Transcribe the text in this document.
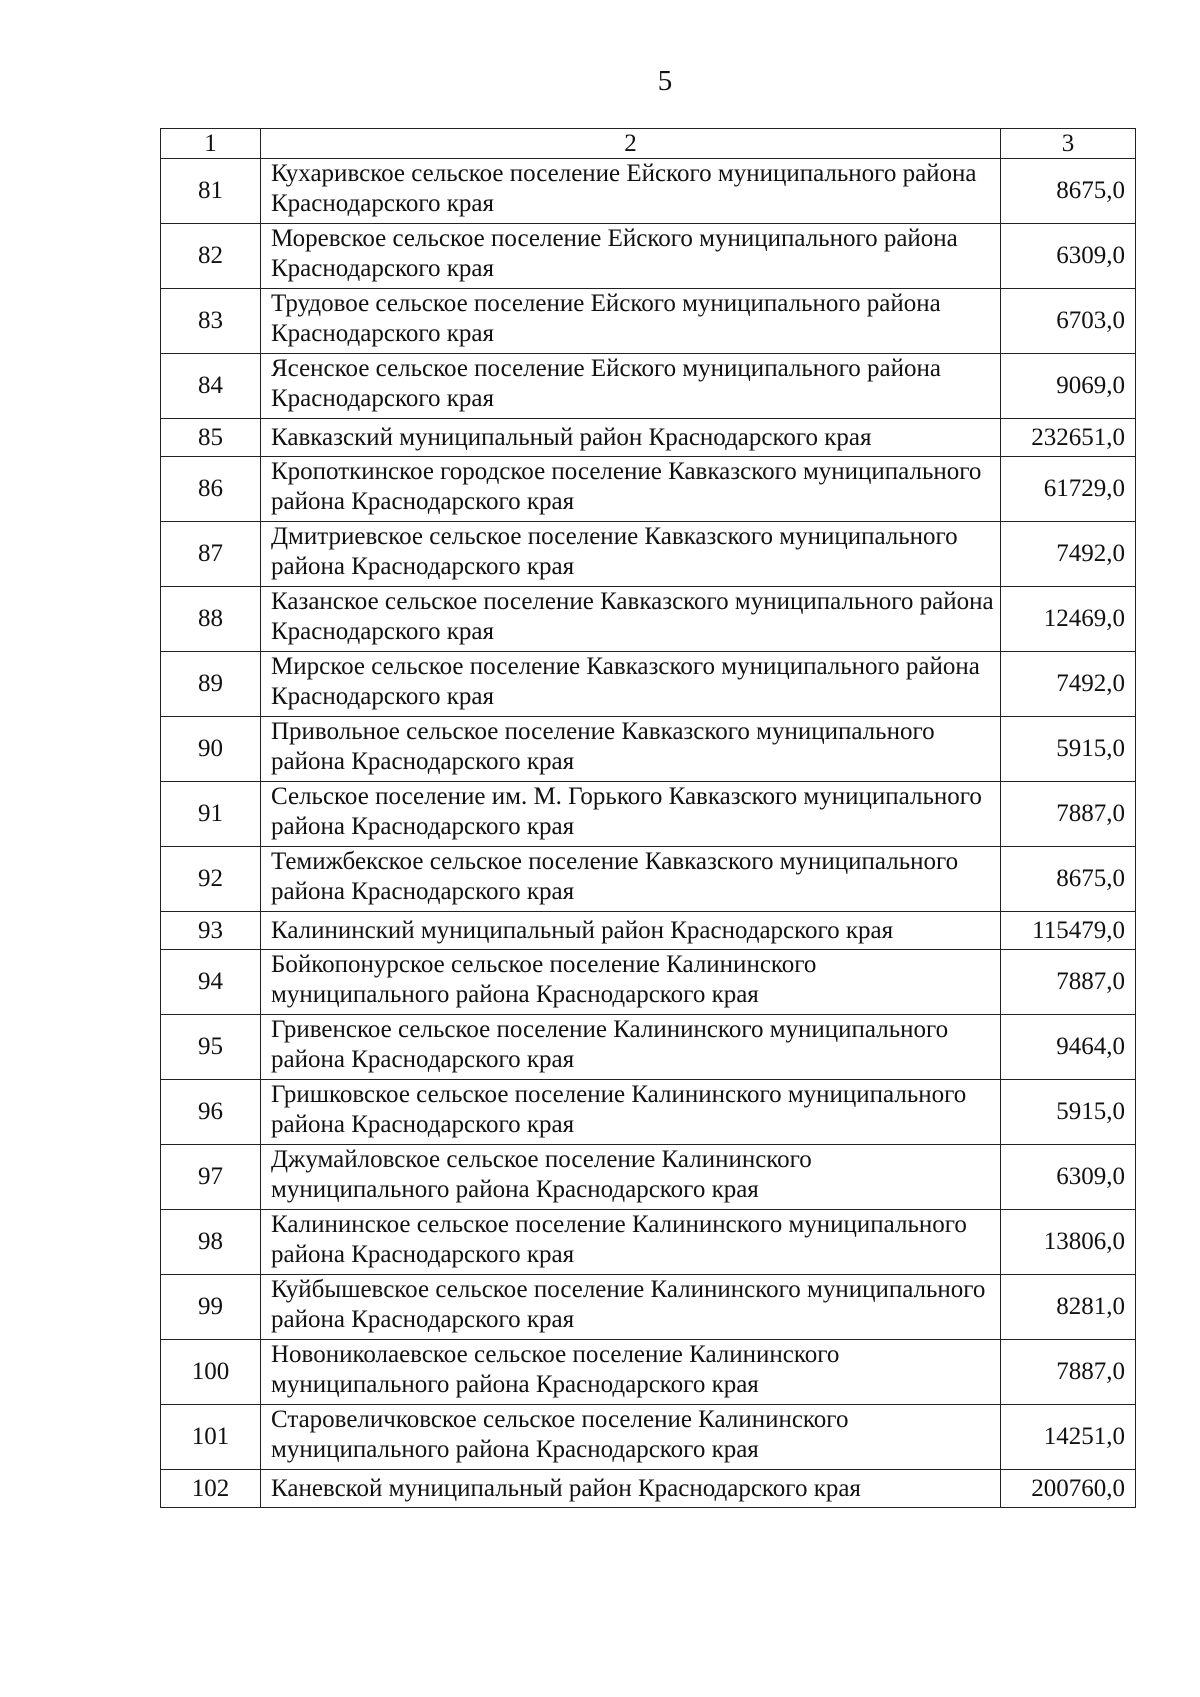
5
1	2	3
81	Кухаривское сельское поселение Ейского муниципального района Краснодарского края	8675,0
82	Моревское сельское поселение Ейского муниципального района Краснодарского края	6309,0
83	Трудовое сельское поселение Ейского муниципального района Краснодарского края	6703,0
84	Ясенское сельское поселение Ейского муниципального района Краснодарского края	9069,0
85	Кавказский муниципальный район Краснодарского края	232651,0
86	Кропоткинское городское поселение Кавказского муниципального района Краснодарского края	61729,0
87	Дмитриевское сельское поселение Кавказского муниципального района Краснодарского края	7492,0
88	Казанское сельское поселение Кавказского муниципального района Краснодарского края	12469,0
89	Мирское сельское поселение Кавказского муниципального района Краснодарского края	7492,0
90	Привольное сельское поселение Кавказского муниципального района Краснодарского края	5915,0
91	Сельское поселение им. М. Горького Кавказского муниципального района Краснодарского края	7887,0
92	Темижбекское сельское поселение Кавказского муниципального района Краснодарского края	8675,0
93	Калининский муниципальный район Краснодарского края	115479,0
94	Бойкопонурское сельское поселение Калининского муниципального района Краснодарского края	7887,0
95	Гривенское сельское поселение Калининского муниципального района Краснодарского края	9464,0
96	Гришковское сельское поселение Калининского муниципального района Краснодарского края	5915,0
97	Джумайловское сельское поселение Калининского муниципального района Краснодарского края	6309,0
98	Калининское сельское поселение Калининского муниципального района Краснодарского края	13806,0
99	Куйбышевское сельское поселение Калининского муниципального района Краснодарского края	8281,0
100	Новониколаевское сельское поселение Калининского муниципального района Краснодарского края	7887,0
101	Старовеличковское сельское поселение Калининского муниципального района Краснодарского края	14251,0
102	Каневской муниципальный район Краснодарского края	200760,0
